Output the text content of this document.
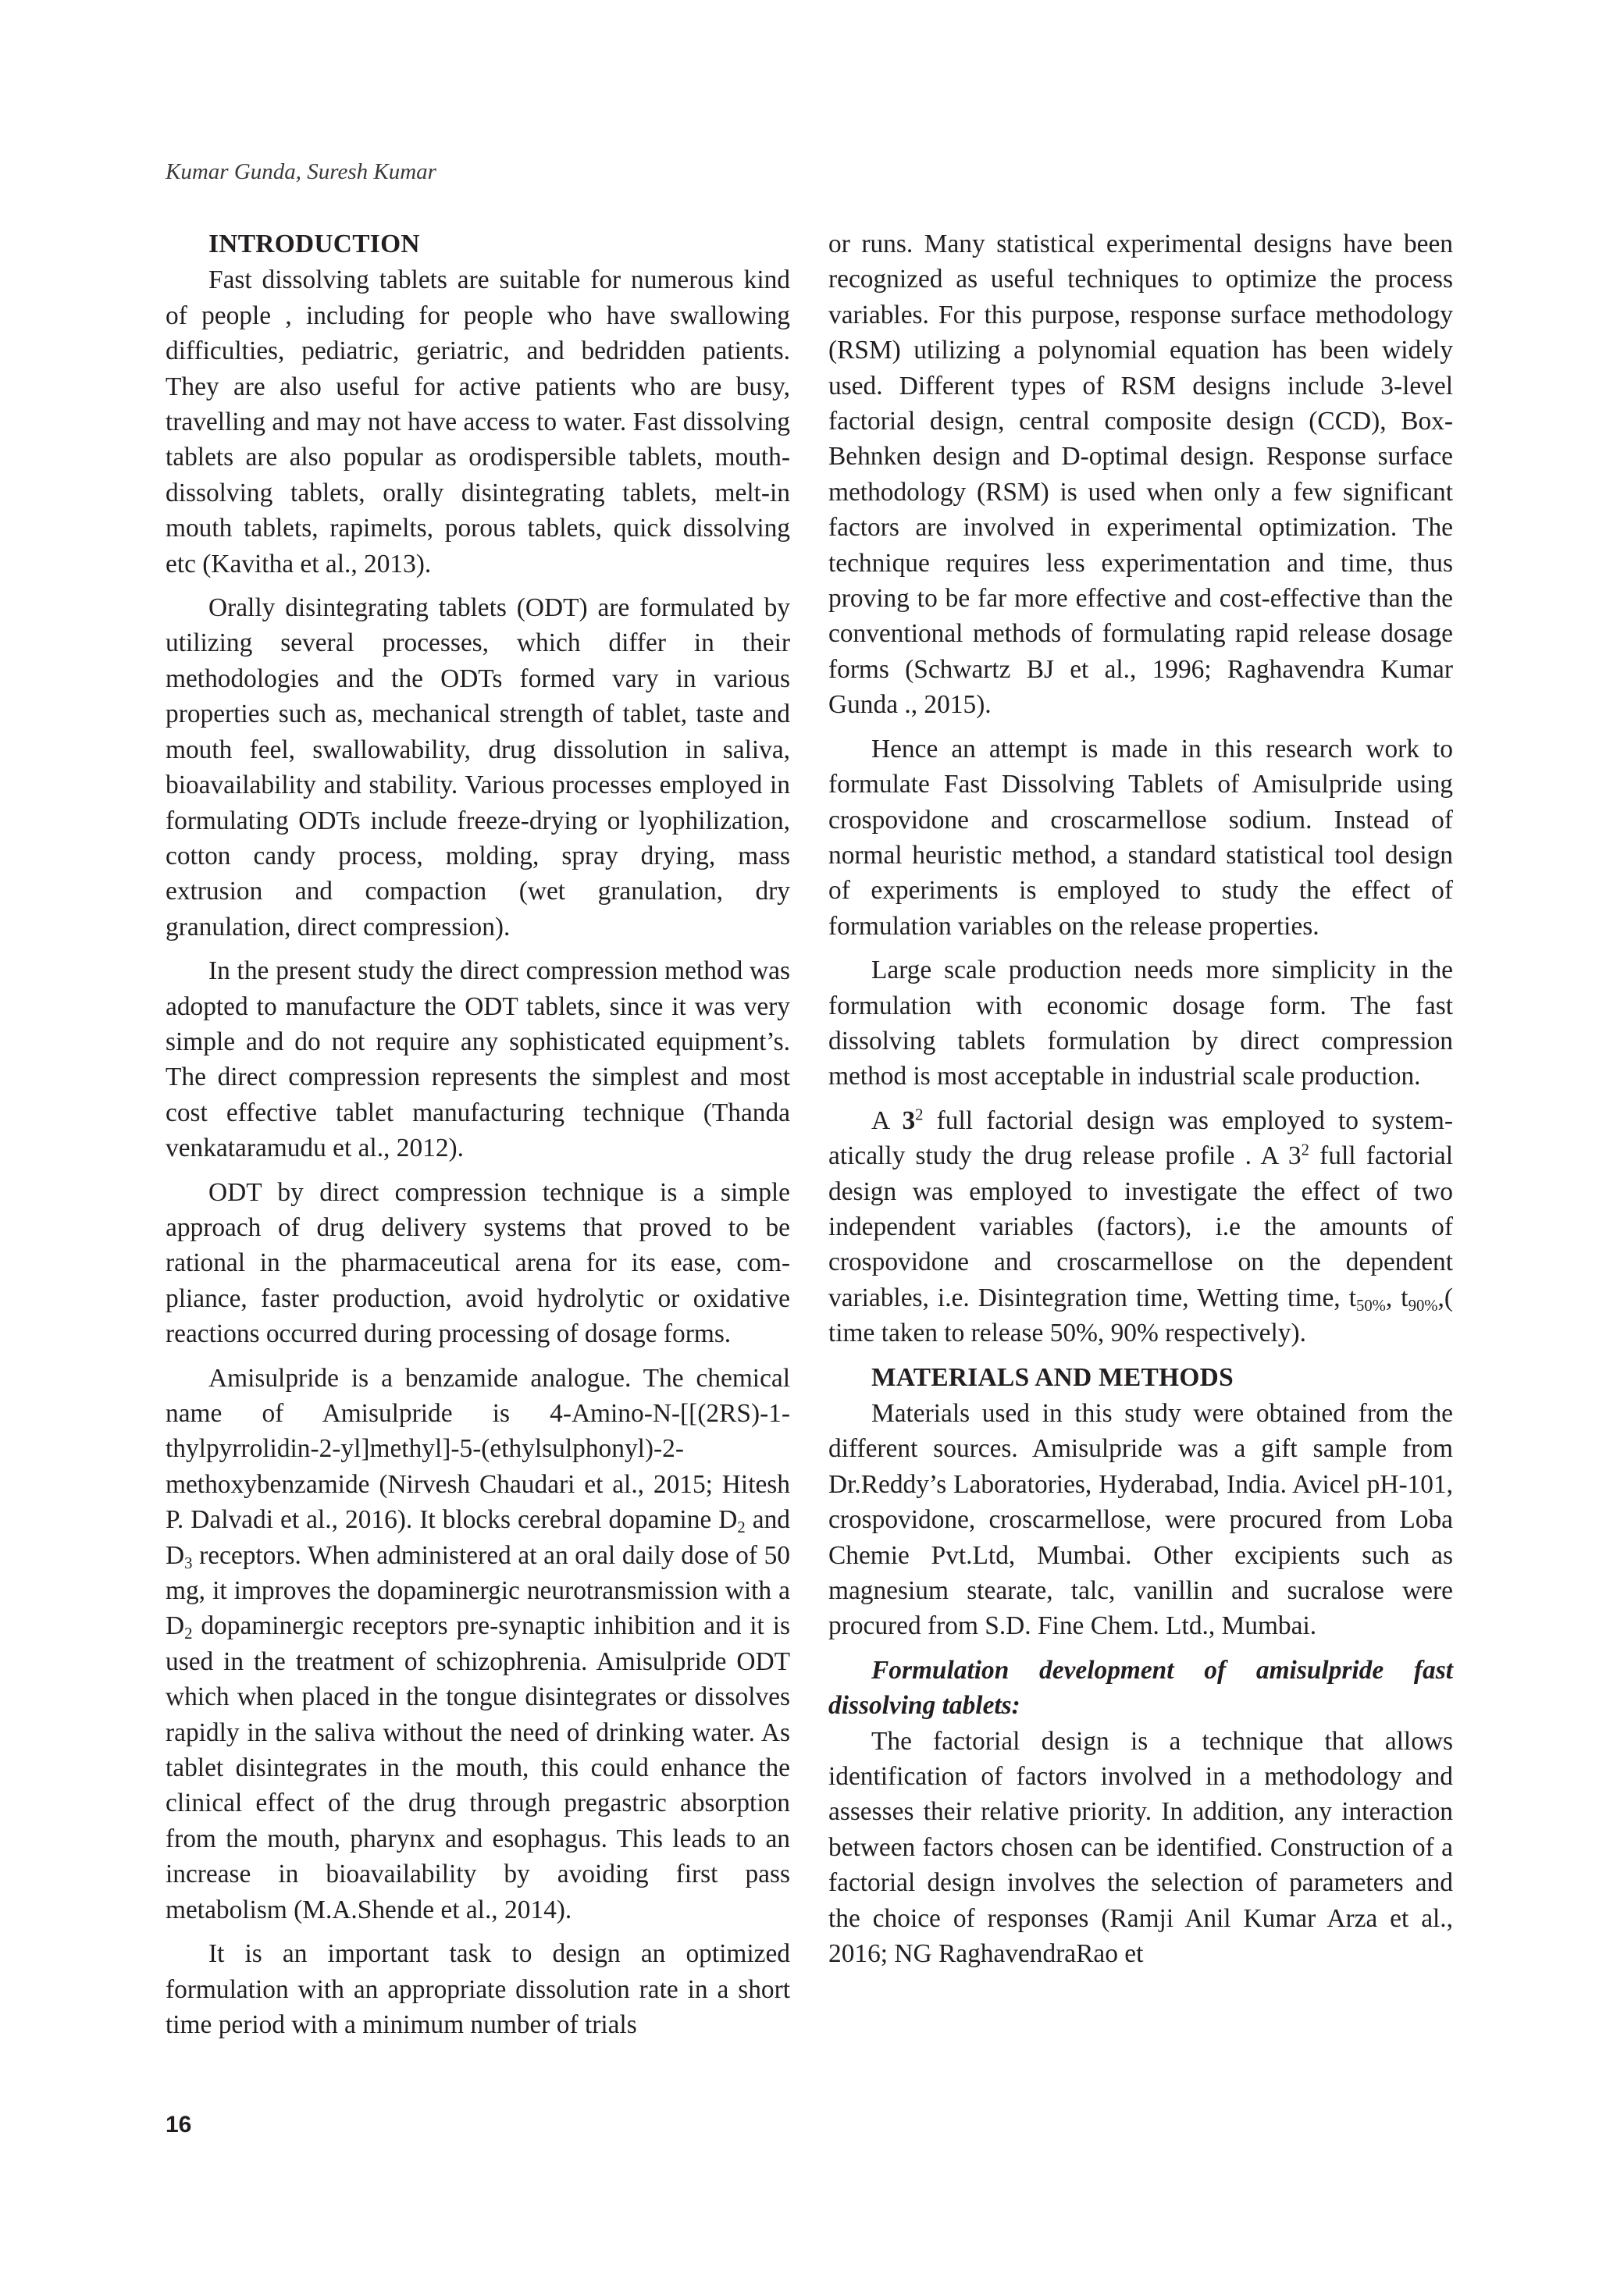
Kumar Gunda, Suresh Kumar
INTRODUCTION

Fast dissolving tablets are suitable for numerous kind of people , including for people who have swallowing difficulties, pediatric, geriatric, and bedridden patients. They are also useful for active patients who are busy, travelling and may not have access to water. Fast dissolving tablets are also popular as orodispersible tablets, mouth-dissolving tablets, orally disintegrating tablets, melt-in mouth tablets, rapimelts, porous tablets, quick dissolving etc (Kavitha et al., 2013).

Orally disintegrating tablets (ODT) are formulated by utilizing several processes, which differ in their methodologies and the ODTs formed vary in various properties such as, mechanical strength of tablet, taste and mouth feel, swallowability, drug dissolution in saliva, bioavailability and stability. Various processes employed in formulating ODTs include freeze-drying or lyophilization, cotton candy process, molding, spray drying, mass extrusion and compaction (wet granulation, dry granulation, direct compression).

In the present study the direct compression method was adopted to manufacture the ODT tablets, since it was very simple and do not require any sophisticated equipment’s. The direct compression represents the simplest and most cost effective tablet manufacturing technique (Thanda venkataramudu et al., 2012).

ODT by direct compression technique is a simple approach of drug delivery systems that proved to be rational in the pharmaceutical arena for its ease, compliance, faster production, avoid hydrolytic or oxidative reactions occurred during processing of dosage forms.

Amisulpride is a benzamide analogue. The chemical name of Amisulpride is 4-Amino-N-[[(2RS)-1-thylpyrrolidin-2-yl]methyl]-5-(ethylsulphonyl)-2-methoxybenzamide (Nirvesh Chaudari et al., 2015; Hitesh P. Dalvadi et al., 2016). It blocks cerebral dopamine $D_2$ and $D_3$ receptors. When administered at an oral daily dose of 50 mg, it improves the dopaminergic neurotransmission with a $D_2$ dopaminergic receptors pre-synaptic inhibition and it is used in the treatment of schizophrenia. Amisulpride ODT which when placed in the tongue disintegrates or dissolves rapidly in the saliva without the need of drinking water. As tablet disintegrates in the mouth, this could enhance the clinical effect of the drug through pregastric absorption from the mouth, pharynx and esophagus. This leads to an increase in bioavailability by avoiding first pass metabolism (M.A.Shende et al., 2014).

It is an important task to design an optimized formulation with an appropriate dissolution rate in a short time period with a minimum number of trials

or runs. Many statistical experimental designs have been recognized as useful techniques to optimize the process variables. For this purpose, response surface methodology (RSM) utilizing a polynomial equation has been widely used. Different types of RSM designs include 3-level factorial design, central composite design (CCD), Box-Behnken design and D-optimal design. Response surface methodology (RSM) is used when only a few significant factors are involved in experimental optimization. The technique requires less experimentation and time, thus proving to be far more effective and cost-effective than the conventional methods of formulating rapid release dosage forms (Schwartz BJ et al., 1996; Raghavendra Kumar Gunda ., 2015).

Hence an attempt is made in this research work to formulate Fast Dissolving Tablets of Amisulpride using crospovidone and croscarmellose sodium. Instead of normal heuristic method, a standard statistical tool design of experiments is employed to study the effect of formulation variables on the release properties.

Large scale production needs more simplicity in the formulation with economic dosage form. The fast dissolving tablets formulation by direct compression method is most acceptable in industrial scale production.

A $3^2$ full factorial design was employed to systematically study the drug release profile . A $3^2$ full factorial design was employed to investigate the effect of two independent variables (factors), i.e the amounts of crospovidone and croscarmellose on the dependent variables, i.e. Disintegration time, Wetting time, $t_{50\%}$, $t_{90\%}$,( time taken to release 50%, 90% respectively).

MATERIALS AND METHODS

Materials used in this study were obtained from the different sources. Amisulpride was a gift sample from Dr.Reddy’s Laboratories, Hyderabad, India. Avicel pH-101, crospovidone, croscarmellose, were procured from Loba Chemie Pvt.Ltd, Mumbai. Other excipients such as magnesium stearate, talc, vanillin and sucralose were procured from S.D. Fine Chem. Ltd., Mumbai.

Formulation development of amisulpride fast dissolving tablets:

The factorial design is a technique that allows identification of factors involved in a methodology and assesses their relative priority. In addition, any interaction between factors chosen can be identified. Construction of a factorial design involves the selection of parameters and the choice of responses (Ramji Anil Kumar Arza et al., 2016; NG RaghavendraRao et

16
